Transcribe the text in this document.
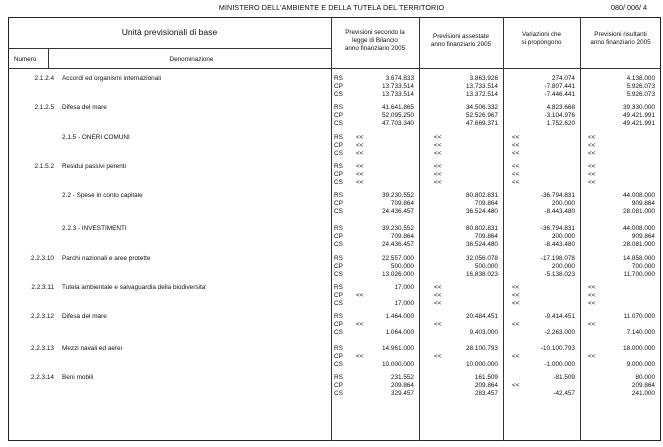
MINISTERO DELL'AMBIENTE E DELLA TUTELA DEL TERRITORIO	080/ 006/ 4
Unità previsionali di base
Numero	Denominazione
Previsioni secondo la
legge di Bilancio
anno finanziario 2005
Previsioni assestate
anno finanziario 2005
Variazioni che
si propongono
Previsioni risultanti
anno finanziario 2005
2.1.2.4 Accordi ed organismi internazionali	RS	3.674.833	3.863.926	274.074	4.138.000
CP	13.733.514	13.733.514	-7.807.441	5.926.073
CS	13.733.514	13.372.514	-7.446.441	5.926.073
2.1.2.5 Difesa del mare	RS	41.641.865	34.506.332	4.823.668	39.330.000
CP	52.095.250	52.526.967	-3.104.976	49.421.991
CS	47.703.340	47.669.371	1.752.620	49.421.991
2.1.5 - ONERI COMUNI	RS	<<	<<	<<	<<
CP	<<	<<	<<	<<
CS	<<	<<	<<	<<
2.1.5.2 Residui passivi perenti	RS	<<	<<	<<	<<
CP	<<	<<	<<	<<
CS	<<	<<	<<	<<
2.2 - Spese in conto capitale	RS	39.230.552	80.802.831	-36.794.831	44.008.000
CP	709.864	709.864	200.000	909.864
CS	24.436.457	36.524.480	-8.443.480	28.081.000
2.2.3 - INVESTIMENTI	RS	39.230.552	80.802.831	-36.794.831	44.008.000
CP	709.864	709.864	200.000	909.864
CS	24.436.457	36.524.480	-8.443.480	28.081.000
2.2.3.10 Parchi nazionali e aree protette	RS	22.557.000	32.056.078	-17.198.078	14.858.000
CP	500.000	500.000	200.000	700.000
CS	13.026.000	16.838.023	-5.138.023	11.700.000
2.2.3.11 Tutela ambientale e salvaguardia della biodiversita'	RS	17.000	<<	<<	<<
CP	<<	<<	<<	<<
CS	17.000	<<	<<	<<
2.2.3.12 Difesa del mare	RS	1.464.000	20.484.451	-9.414.451	11.070.000
CP	<<	<<	<<	<<
CS	1.064.000	9.403.000	-2.263.000	7.140.000
2.2.3.13 Mezzi navali ed aerei	RS	14.961.000	28.100.793	-10.100.793	18.000.000
CP	<<	<<	<<	<<
CS	10.000.000	10.000.000	-1.000.000	9.000.000
2.2.3.14 Beni mobili	RS	231.552	161.509	-81.509	80.000
CP	209.864	209.864	<<	209.864
CS	329.457	283.457	-42.457	241.000
